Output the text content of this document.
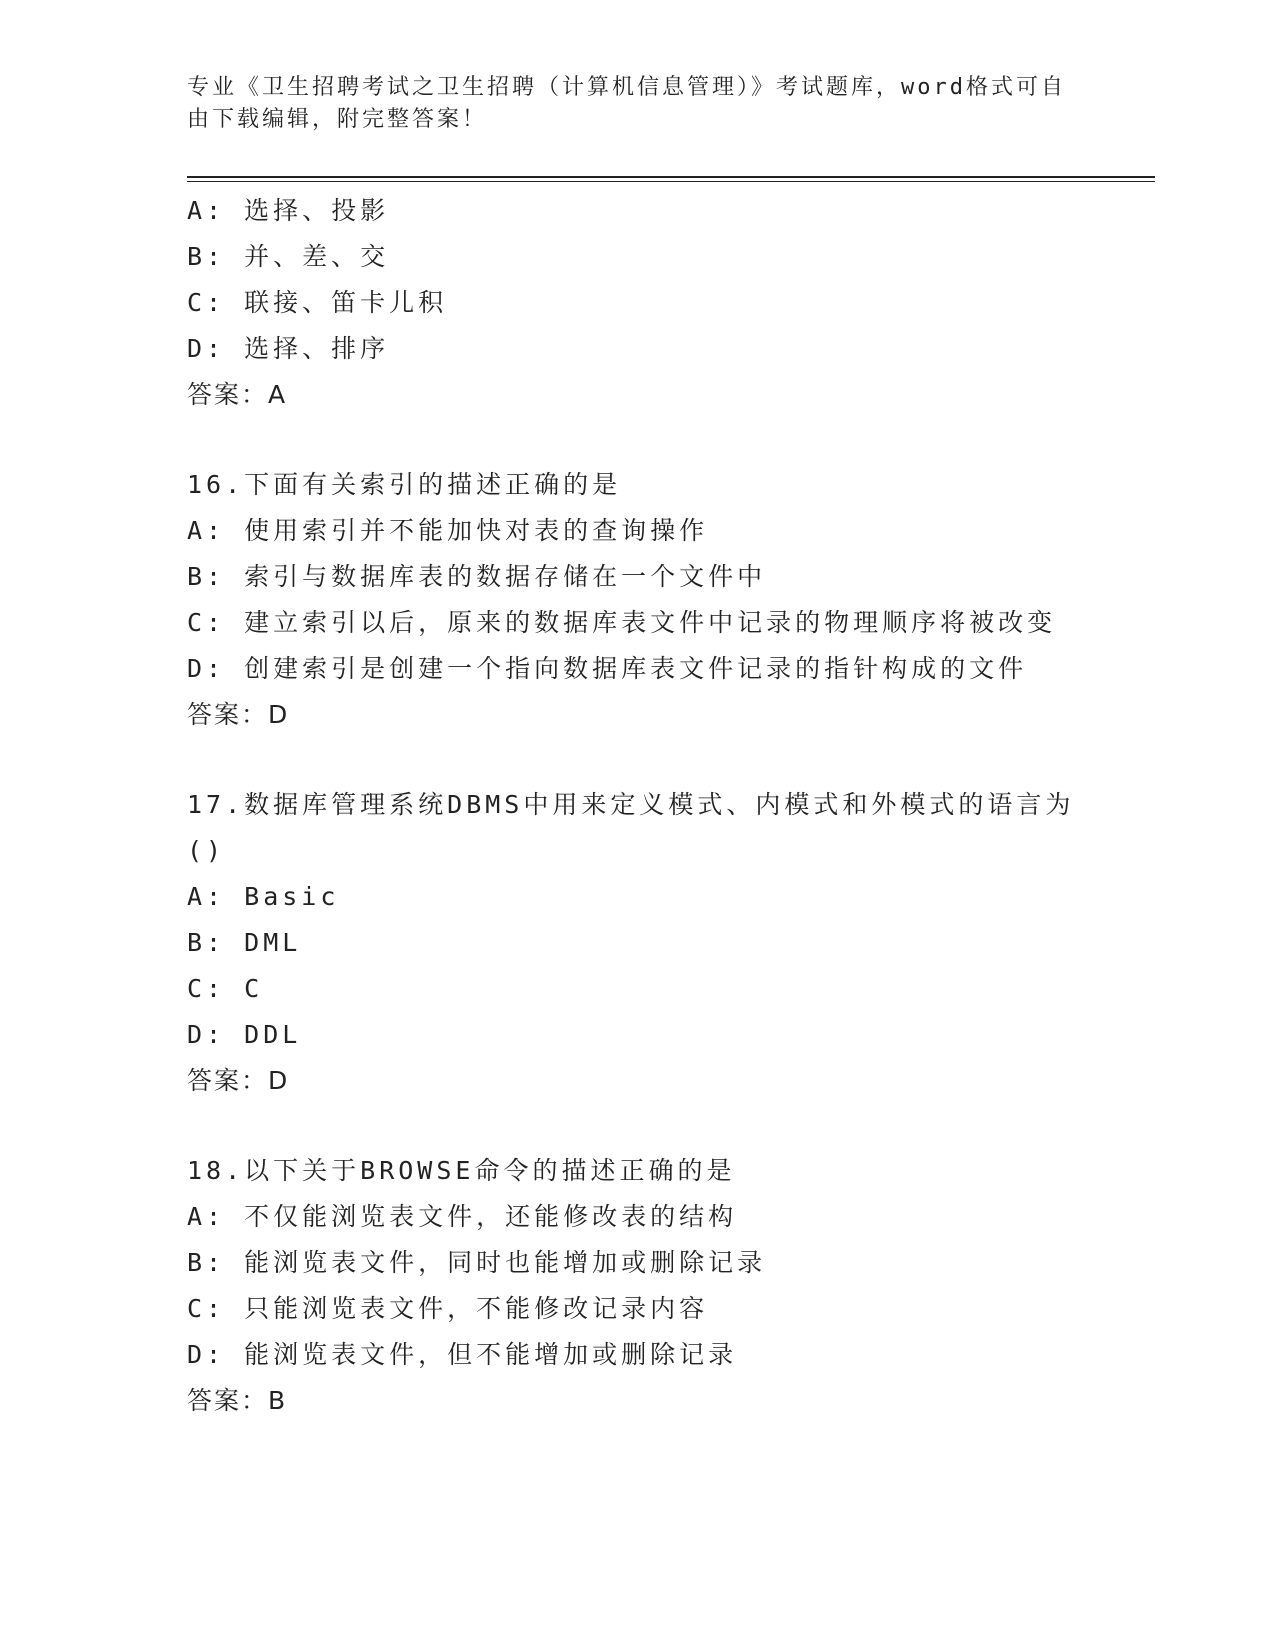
专业《卫生招聘考试之卫生招聘（计算机信息管理）》考试题库，word格式可自
由下载编辑，附完整答案！
A: 选择、投影
B: 并、差、交
C: 联接、笛卡儿积
D: 选择、排序
答案：A
16.下面有关索引的描述正确的是
A: 使用索引并不能加快对表的查询操作
B: 索引与数据库表的数据存储在一个文件中
C: 建立索引以后，原来的数据库表文件中记录的物理顺序将被改变
D: 创建索引是创建一个指向数据库表文件记录的指针构成的文件
答案：D
17.数据库管理系统DBMS中用来定义模式、内模式和外模式的语言为
()
A: Basic
B: DML
C: C
D: DDL
答案：D
18.以下关于BROWSE命令的描述正确的是
A: 不仅能浏览表文件，还能修改表的结构
B: 能浏览表文件，同时也能增加或删除记录
C: 只能浏览表文件，不能修改记录内容
D: 能浏览表文件，但不能增加或删除记录
答案：B
